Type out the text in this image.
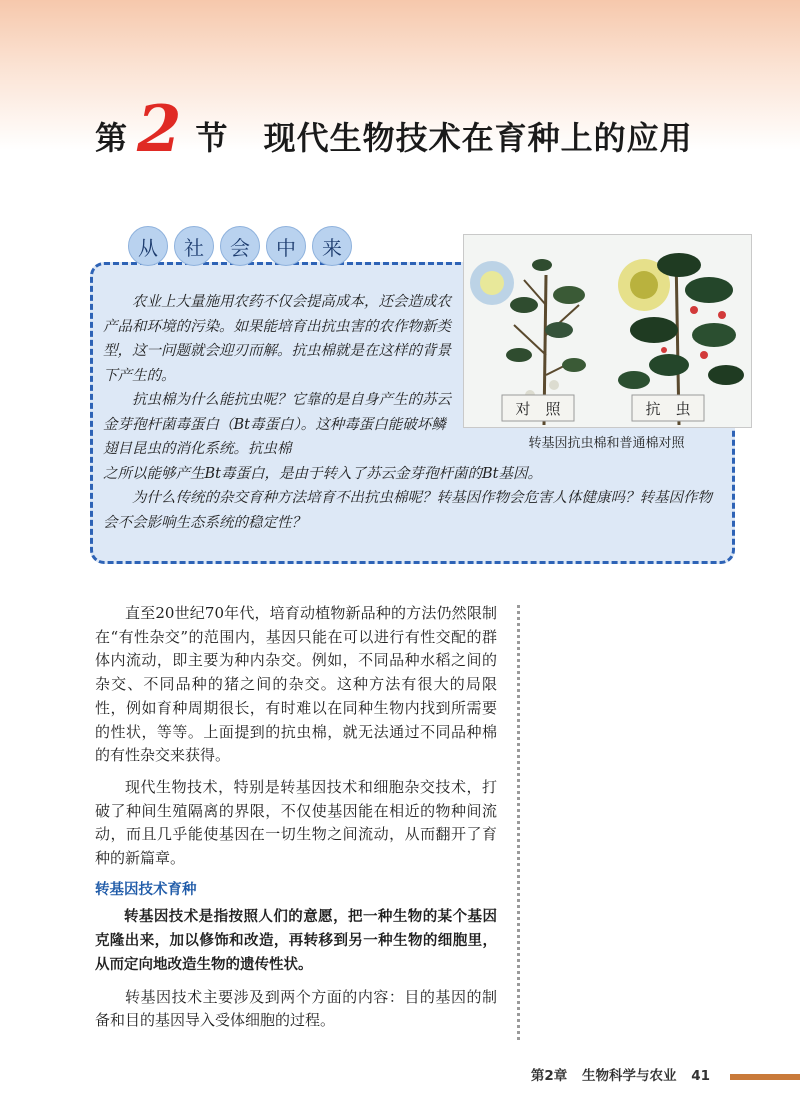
第 2 节 现代生物技术在育种上的应用
从	社	会	中	来
对　照	抗　虫
转基因抗虫棉和普通棉对照

农业上大量施用农药不仅会提高成本，还会造成农产品和环境的污染。如果能培育出抗虫害的农作物新类型，这一问题就会迎刃而解。抗虫棉就是在这样的背景下产生的。

抗虫棉为什么能抗虫呢？它靠的是自身产生的苏云金芽孢杆菌毒蛋白（Bt毒蛋白）。这种毒蛋白能破坏鳞翅目昆虫的消化系统。抗虫棉

之所以能够产生Bt毒蛋白，是由于转入了苏云金芽孢杆菌的Bt基因。

为什么传统的杂交育种方法培育不出抗虫棉呢？转基因作物会危害人体健康吗？转基因作物会不会影响生态系统的稳定性？

直至20世纪70年代，培育动植物新品种的方法仍然限制在“有性杂交”的范围内，基因只能在可以进行有性交配的群体内流动，即主要为种内杂交。例如，不同品种水稻之间的杂交、不同品种的猪之间的杂交。这种方法有很大的局限性，例如育种周期很长，有时难以在同种生物内找到所需要的性状，等等。上面提到的抗虫棉，就无法通过不同品种棉的有性杂交来获得。

现代生物技术，特别是转基因技术和细胞杂交技术，打破了种间生殖隔离的界限，不仅使基因能在相近的物种间流动，而且几乎能使基因在一切生物之间流动，从而翻开了育种的新篇章。

转基因技术育种

转基因技术是指按照人们的意愿，把一种生物的某个基因克隆出来，加以修饰和改造，再转移到另一种生物的细胞里，从而定向地改造生物的遗传性状。

转基因技术主要涉及到两个方面的内容：目的基因的制备和目的基因导入受体细胞的过程。

第2章 生物科学与农业 41
